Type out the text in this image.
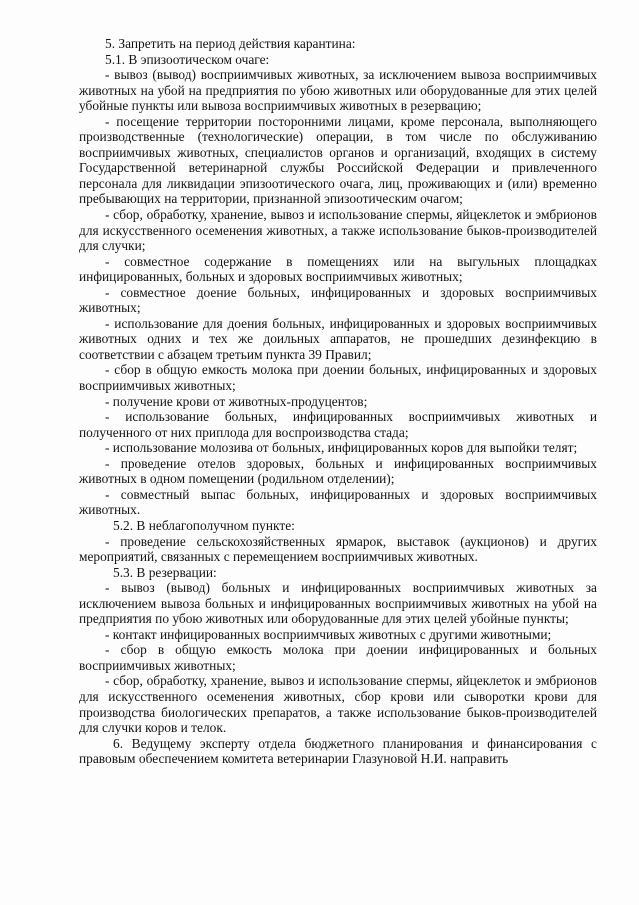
5. Запретить на период действия карантина:

5.1. В эпизоотическом очаге:

- вывоз (вывод) восприимчивых животных, за исключением вывоза восприимчивых животных на убой на предприятия по убою животных или оборудованные для этих целей убойные пункты или вывоза восприимчивых животных в резервацию;

- посещение территории посторонними лицами, кроме персонала, выполняющего производственные (технологические) операции, в том числе по обслуживанию восприимчивых животных, специалистов органов и организаций, входящих в систему Государственной ветеринарной службы Российской Федерации и привлеченного персонала для ликвидации эпизоотического очага, лиц, проживающих и (или) временно пребывающих на территории, признанной эпизоотическим очагом;

- сбор, обработку, хранение, вывоз и использование спермы, яйцеклеток и эмбрионов для искусственного осеменения животных, а также использование быков-производителей для случки;

- совместное содержание в помещениях или на выгульных площадках инфицированных, больных и здоровых восприимчивых животных;

- совместное доение больных, инфицированных и здоровых восприимчивых животных;

- использование для доения больных, инфицированных и здоровых восприимчивых животных одних и тех же доильных аппаратов, не прошедших дезинфекцию в соответствии с абзацем третьим пункта 39 Правил;

- сбор в общую емкость молока при доении больных, инфицированных и здоровых восприимчивых животных;

- получение крови от животных-продуцентов;

- использование больных, инфицированных восприимчивых животных и полученного от них приплода для воспроизводства стада;

- использование молозива от больных, инфицированных коров для выпойки телят;

- проведение отелов здоровых, больных и инфицированных восприимчивых животных в одном помещении (родильном отделении);

- совместный выпас больных, инфицированных и здоровых восприимчивых животных.

5.2. В неблагополучном пункте:

- проведение сельскохозяйственных ярмарок, выставок (аукционов) и других мероприятий, связанных с перемещением восприимчивых животных.

5.3. В резервации:

- вывоз (вывод) больных и инфицированных восприимчивых животных за исключением вывоза больных и инфицированных восприимчивых животных на убой на предприятия по убою животных или оборудованные для этих целей убойные пункты;

- контакт инфицированных восприимчивых животных с другими животными;

- сбор в общую емкость молока при доении инфицированных и больных восприимчивых животных;

- сбор, обработку, хранение, вывоз и использование спермы, яйцеклеток и эмбрионов для искусственного осеменения животных, сбор крови или сыворотки крови для производства биологических препаратов, а также использование быков-производителей для случки коров и телок.

6. Ведущему эксперту отдела бюджетного планирования и финансирования с правовым обеспечением комитета ветеринарии Глазуновой Н.И. направить
